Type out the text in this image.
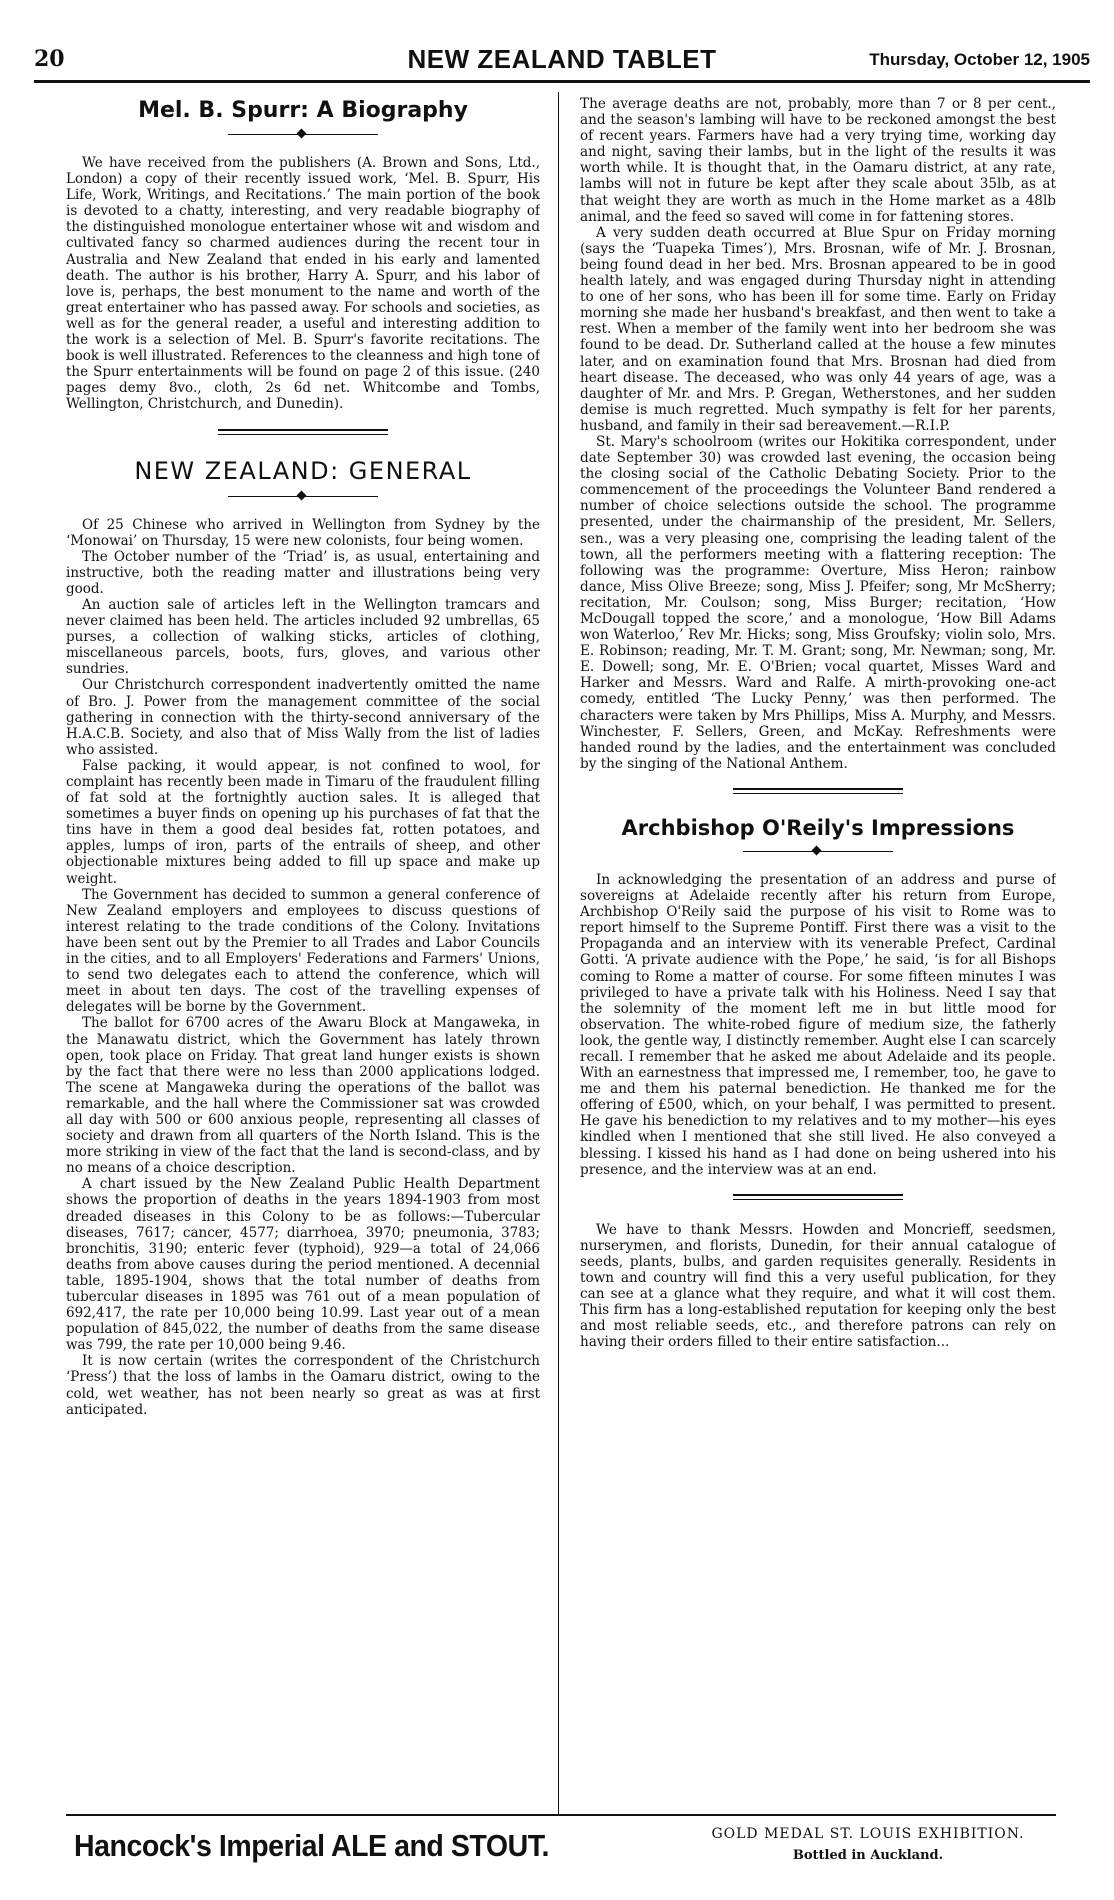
20	NEW ZEALAND TABLET	Thursday, October 12, 1905
Mel. B. Spurr: A Biography

We have received from the publishers (A. Brown and Sons, Ltd., London) a copy of their recently issued work, ‘Mel. B. Spurr, His Life, Work, Writings, and Recitations.’ The main portion of the book is devoted to a chatty, interesting, and very readable biography of the distinguished monologue entertainer whose wit and wisdom and cultivated fancy so charmed audiences during the recent tour in Australia and New Zealand that ended in his early and lamented death. The author is his brother, Harry A. Spurr, and his labor of love is, perhaps, the best monument to the name and worth of the great entertainer who has passed away. For schools and societies, as well as for the general reader, a useful and interesting addition to the work is a selection of Mel. B. Spurr's favorite recitations. The book is well illustrated. References to the cleanness and high tone of the Spurr entertainments will be found on page 2 of this issue. (240 pages demy 8vo., cloth, 2s 6d net. Whitcombe and Tombs, Wellington, Christchurch, and Dunedin).

NEW ZEALAND: GENERAL

Of 25 Chinese who arrived in Wellington from Sydney by the ‘Monowai’ on Thursday, 15 were new colonists, four being women.

The October number of the ‘Triad’ is, as usual, entertaining and instructive, both the reading matter and illustrations being very good.

An auction sale of articles left in the Wellington tramcars and never claimed has been held. The articles included 92 umbrellas, 65 purses, a collection of walking sticks, articles of clothing, miscellaneous parcels, boots, furs, gloves, and various other sundries.

Our Christchurch correspondent inadvertently omitted the name of Bro. J. Power from the management committee of the social gathering in connection with the thirty-second anniversary of the H.A.C.B. Society, and also that of Miss Wally from the list of ladies who assisted.

False packing, it would appear, is not confined to wool, for complaint has recently been made in Timaru of the fraudulent filling of fat sold at the fortnightly auction sales. It is alleged that sometimes a buyer finds on opening up his purchases of fat that the tins have in them a good deal besides fat, rotten potatoes, and apples, lumps of iron, parts of the entrails of sheep, and other objectionable mixtures being added to fill up space and make up weight.

The Government has decided to summon a general conference of New Zealand employers and employees to discuss questions of interest relating to the trade conditions of the Colony. Invitations have been sent out by the Premier to all Trades and Labor Councils in the cities, and to all Employers' Federations and Farmers' Unions, to send two delegates each to attend the conference, which will meet in about ten days. The cost of the travelling expenses of delegates will be borne by the Government.

The ballot for 6700 acres of the Awaru Block at Mangaweka, in the Manawatu district, which the Government has lately thrown open, took place on Friday. That great land hunger exists is shown by the fact that there were no less than 2000 applications lodged. The scene at Mangaweka during the operations of the ballot was remarkable, and the hall where the Commissioner sat was crowded all day with 500 or 600 anxious people, representing all classes of society and drawn from all quarters of the North Island. This is the more striking in view of the fact that the land is second-class, and by no means of a choice description.

A chart issued by the New Zealand Public Health Department shows the proportion of deaths in the years 1894-1903 from most dreaded diseases in this Colony to be as follows:—Tubercular diseases, 7617; cancer, 4577; diarrhoea, 3970; pneumonia, 3783; bronchitis, 3190; enteric fever (typhoid), 929—a total of 24,066 deaths from above causes during the period mentioned. A decennial table, 1895-1904, shows that the total number of deaths from tubercular diseases in 1895 was 761 out of a mean population of 692,417, the rate per 10,000 being 10.99. Last year out of a mean population of 845,022, the number of deaths from the same disease was 799, the rate per 10,000 being 9.46.

It is now certain (writes the correspondent of the Christchurch ‘Press’) that the loss of lambs in the Oamaru district, owing to the cold, wet weather, has not been nearly so great as was at first anticipated.

The average deaths are not, probably, more than 7 or 8 per cent., and the season's lambing will have to be reckoned amongst the best of recent years. Farmers have had a very trying time, working day and night, saving their lambs, but in the light of the results it was worth while. It is thought that, in the Oamaru district, at any rate, lambs will not in future be kept after they scale about 35lb, as at that weight they are worth as much in the Home market as a 48lb animal, and the feed so saved will come in for fattening stores.

A very sudden death occurred at Blue Spur on Friday morning (says the ‘Tuapeka Times’), Mrs. Brosnan, wife of Mr. J. Brosnan, being found dead in her bed. Mrs. Brosnan appeared to be in good health lately, and was engaged during Thursday night in attending to one of her sons, who has been ill for some time. Early on Friday morning she made her husband's breakfast, and then went to take a rest. When a member of the family went into her bedroom she was found to be dead. Dr. Sutherland called at the house a few minutes later, and on examination found that Mrs. Brosnan had died from heart disease. The deceased, who was only 44 years of age, was a daughter of Mr. and Mrs. P. Gregan, Wetherstones, and her sudden demise is much regretted. Much sympathy is felt for her parents, husband, and family in their sad bereavement.—R.I.P.

St. Mary's schoolroom (writes our Hokitika correspondent, under date September 30) was crowded last evening, the occasion being the closing social of the Catholic Debating Society. Prior to the commencement of the proceedings the Volunteer Band rendered a number of choice selections outside the school. The programme presented, under the chairmanship of the president, Mr. Sellers, sen., was a very pleasing one, comprising the leading talent of the town, all the performers meeting with a flattering reception: The following was the programme: Overture, Miss Heron; rainbow dance, Miss Olive Breeze; song, Miss J. Pfeifer; song, Mr McSherry; recitation, Mr. Coulson; song, Miss Burger; recitation, ‘How McDougall topped the score,’ and a monologue, ‘How Bill Adams won Waterloo,’ Rev Mr. Hicks; song, Miss Groufsky; violin solo, Mrs. E. Robinson; reading, Mr. T. M. Grant; song, Mr. Newman; song, Mr. E. Dowell; song, Mr. E. O'Brien; vocal quartet, Misses Ward and Harker and Messrs. Ward and Ralfe. A mirth-provoking one-act comedy, entitled ‘The Lucky Penny,’ was then performed. The characters were taken by Mrs Phillips, Miss A. Murphy, and Messrs. Winchester, F. Sellers, Green, and McKay. Refreshments were handed round by the ladies, and the entertainment was concluded by the singing of the National Anthem.

Archbishop O'Reily's Impressions

In acknowledging the presentation of an address and purse of sovereigns at Adelaide recently after his return from Europe, Archbishop O'Reily said the purpose of his visit to Rome was to report himself to the Supreme Pontiff. First there was a visit to the Propaganda and an interview with its venerable Prefect, Cardinal Gotti. ‘A private audience with the Pope,’ he said, ‘is for all Bishops coming to Rome a matter of course. For some fifteen minutes I was privileged to have a private talk with his Holiness. Need I say that the solemnity of the moment left me in but little mood for observation. The white-robed figure of medium size, the fatherly look, the gentle way, I distinctly remember. Aught else I can scarcely recall. I remember that he asked me about Adelaide and its people. With an earnestness that impressed me, I remember, too, he gave to me and them his paternal benediction. He thanked me for the offering of £500, which, on your behalf, I was permitted to present. He gave his benediction to my relatives and to my mother—his eyes kindled when I mentioned that she still lived. He also conveyed a blessing. I kissed his hand as I had done on being ushered into his presence, and the interview was at an end.

We have to thank Messrs. Howden and Moncrieff, seedsmen, nurserymen, and florists, Dunedin, for their annual catalogue of seeds, plants, bulbs, and garden requisites generally. Residents in town and country will find this a very useful publication, for they can see at a glance what they require, and what it will cost them. This firm has a long-established reputation for keeping only the best and most reliable seeds, etc., and therefore patrons can rely on having their orders filled to their entire satisfaction...

Hancock's Imperial ALE and STOUT.	GOLD MEDAL ST. LOUIS EXHIBITION.
Bottled in Auckland.
